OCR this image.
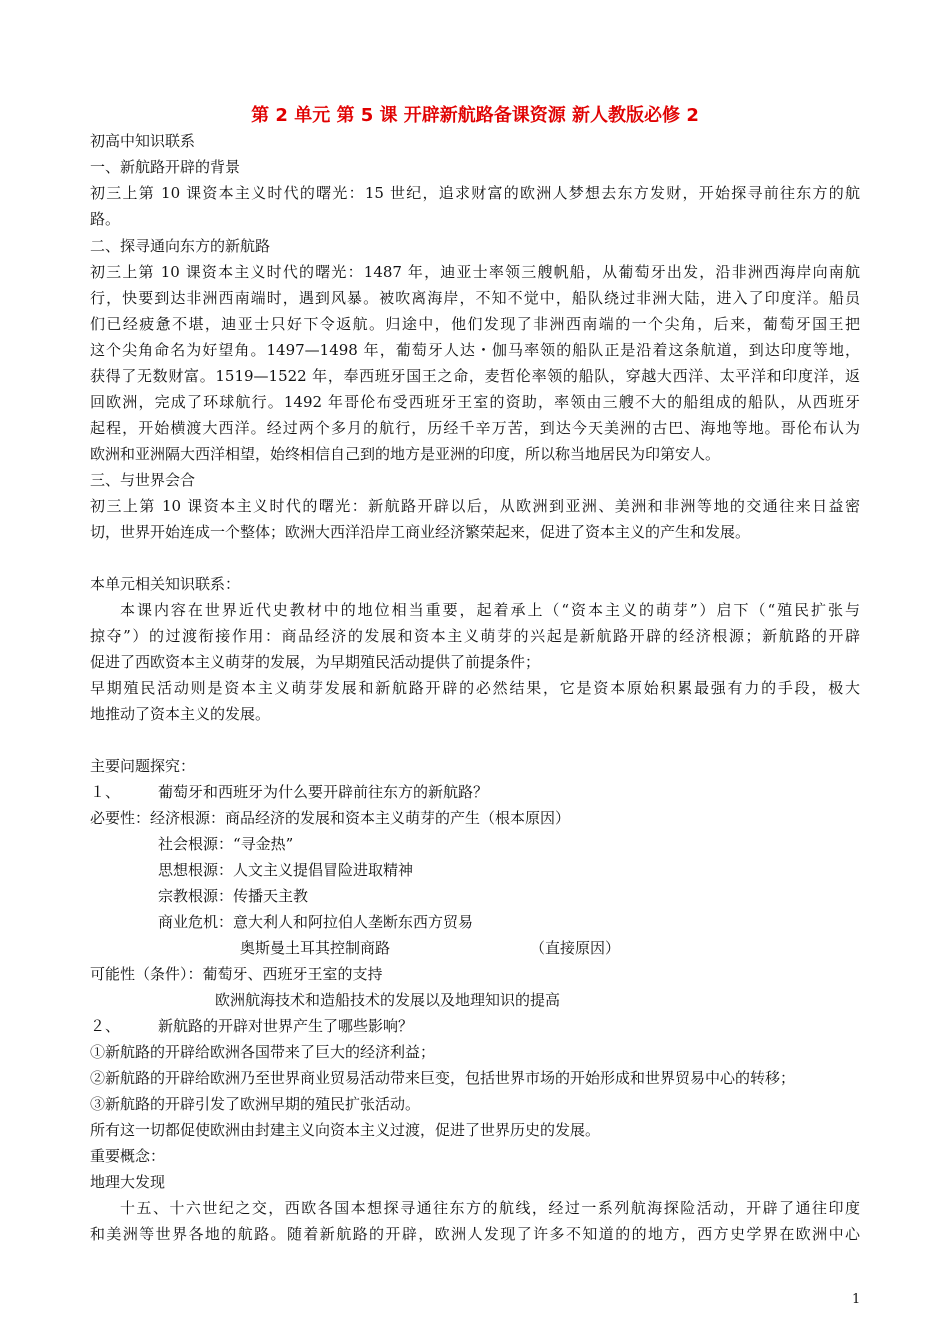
第 2 单元 第 5 课 开辟新航路备课资源 新人教版必修 2
初高中知识联系
一、新航路开辟的背景
初三上第 10 课资本主义时代的曙光：15 世纪，追求财富的欧洲人梦想去东方发财，开始探寻前往东方的航
路。
二、探寻通向东方的新航路
初三上第 10 课资本主义时代的曙光：1487 年，迪亚士率领三艘帆船，从葡萄牙出发，沿非洲西海岸向南航
行，快要到达非洲西南端时，遇到风暴。被吹离海岸，不知不觉中，船队绕过非洲大陆，进入了印度洋。船员
们已经疲惫不堪，迪亚士只好下令返航。归途中，他们发现了非洲西南端的一个尖角，后来，葡萄牙国王把
这个尖角命名为好望角。1497—1498 年，葡萄牙人达・伽马率领的船队正是沿着这条航道，到达印度等地，
获得了无数财富。1519—1522 年，奉西班牙国王之命，麦哲伦率领的船队，穿越大西洋、太平洋和印度洋，返
回欧洲，完成了环球航行。1492 年哥伦布受西班牙王室的资助，率领由三艘不大的船组成的船队，从西班牙
起程，开始横渡大西洋。经过两个多月的航行，历经千辛万苦，到达今天美洲的古巴、海地等地。哥伦布认为
欧洲和亚洲隔大西洋相望，始终相信自己到的地方是亚洲的印度，所以称当地居民为印第安人。
三、与世界会合
初三上第 10 课资本主义时代的曙光：新航路开辟以后，从欧洲到亚洲、美洲和非洲等地的交通往来日益密
切，世界开始连成一个整体；欧洲大西洋沿岸工商业经济繁荣起来，促进了资本主义的产生和发展。
本单元相关知识联系：
本课内容在世界近代史教材中的地位相当重要，起着承上（“资本主义的萌芽”）启下（“殖民扩张与
掠夺”）的过渡衔接作用：商品经济的发展和资本主义萌芽的兴起是新航路开辟的经济根源；新航路的开辟
促进了西欧资本主义萌芽的发展，为早期殖民活动提供了前提条件；
早期殖民活动则是资本主义萌芽发展和新航路开辟的必然结果，它是资本原始积累最强有力的手段，极大
地推动了资本主义的发展。
主要问题探究：
１、	葡萄牙和西班牙为什么要开辟前往东方的新航路？
必要性：经济根源：商品经济的发展和资本主义萌芽的产生（根本原因）
社会根源：“寻金热”
思想根源：人文主义提倡冒险进取精神
宗教根源：传播天主教
商业危机：意大利人和阿拉伯人垄断东西方贸易
奥斯曼土耳其控制商路	（直接原因）
可能性（条件）：葡萄牙、西班牙王室的支持
欧洲航海技术和造船技术的发展以及地理知识的提高
２、	新航路的开辟对世界产生了哪些影响？
①新航路的开辟给欧洲各国带来了巨大的经济利益；
②新航路的开辟给欧洲乃至世界商业贸易活动带来巨变，包括世界市场的开始形成和世界贸易中心的转移；
③新航路的开辟引发了欧洲早期的殖民扩张活动。
所有这一切都促使欧洲由封建主义向资本主义过渡，促进了世界历史的发展。
重要概念：
地理大发现
十五、十六世纪之交，西欧各国本想探寻通往东方的航线，经过一系列航海探险活动，开辟了通往印度
和美洲等世界各地的航路。随着新航路的开辟，欧洲人发现了许多不知道的的地方，西方史学界在欧洲中心
1
